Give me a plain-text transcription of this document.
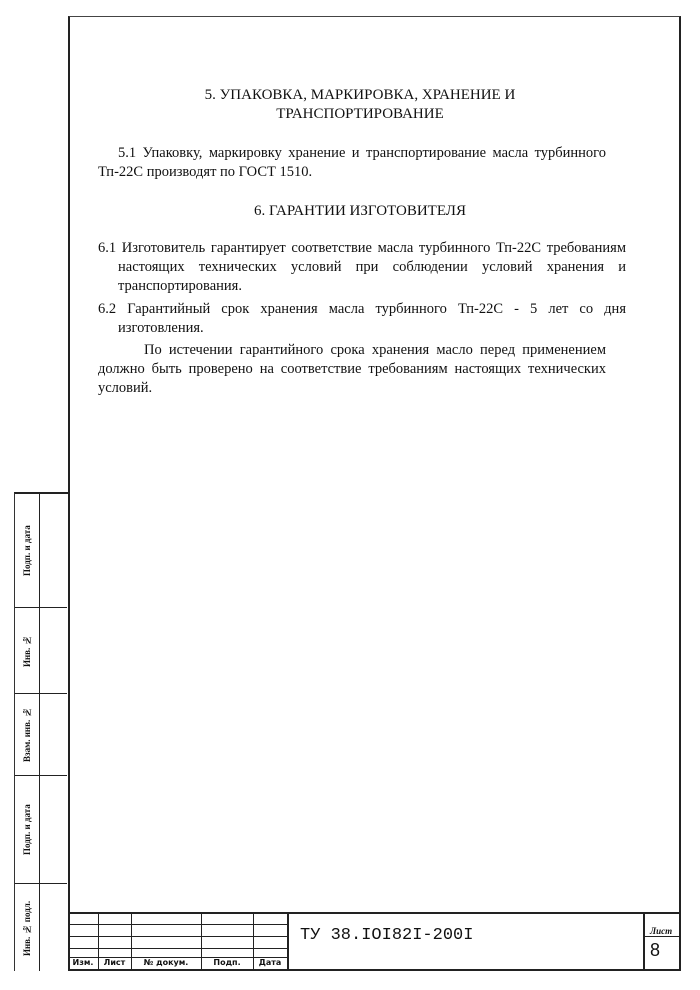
Подп. и дата
Инв. №
Взам. инв. №
Подп. и дата
Инв. № подл.
5. УПАКОВКА, МАРКИРОВКА, ХРАНЕНИЕ И
ТРАНСПОРТИРОВАНИЕ

5.1 Упаковку, маркировку хранение и транспортирование масла турбинного Тп-22С производят по ГОСТ 1510.

6. ГАРАНТИИ ИЗГОТОВИТЕЛЯ

6.1 Изготовитель гарантирует соответствие масла турбинного Тп-22С требованиям настоящих технических условий при соблюдении условий хранения и транспортирования.

6.2 Гарантийный срок хранения масла турбинного Тп-22С - 5 лет со дня изготовления.

По истечении гарантийного срока хранения масло перед применением должно быть проверено на соответствие требованиям настоящих технических условий.

Изм.	Лист	№ докум.	Подп.	Дата
ТУ 38.IOI82I-200I	Лист
8
